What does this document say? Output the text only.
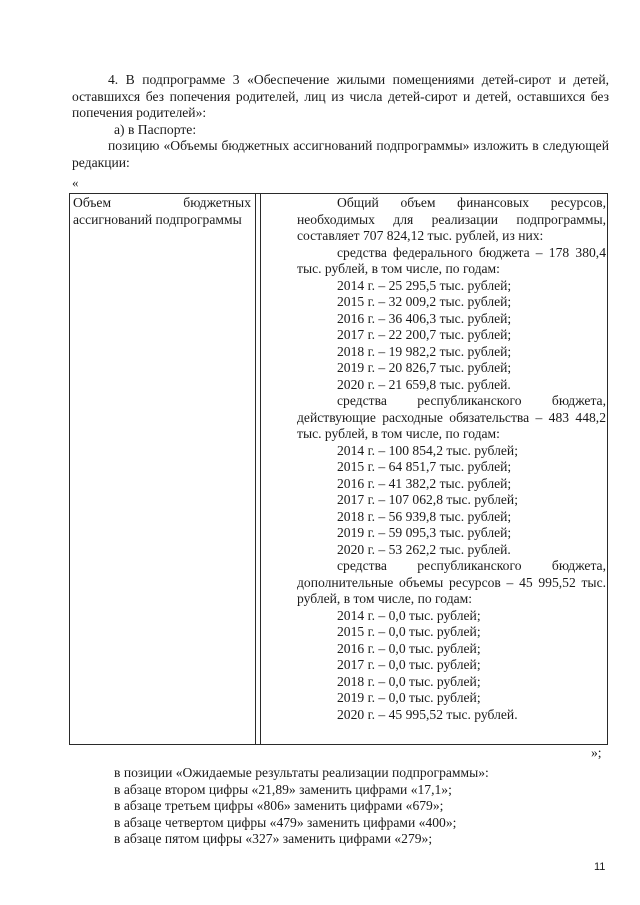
4. В подпрограмме 3 «Обеспечение жилыми помещениями детей-сирот и детей, оставшихся без попечения родителей, лиц из числа детей-сирот и детей, оставшихся без попечения родителей»:

а) в Паспорте:

позицию «Объемы бюджетных ассигнований подпрограммы» изложить в следующей редакции:

«

Объем бюджетных ассигнований подпрограммы

Общий объем финансовых ресурсов, необходимых для реализации подпрограммы, составляет 707 824,12 тыс. рублей, из них:

средства федерального бюджета – 178 380,4 тыс. рублей, в том числе, по годам:

2014 г. – 25 295,5 тыс. рублей;

2015 г. – 32 009,2 тыс. рублей;

2016 г. – 36 406,3 тыс. рублей;

2017 г. – 22 200,7 тыс. рублей;

2018 г. – 19 982,2 тыс. рублей;

2019 г. – 20 826,7 тыс. рублей;

2020 г. – 21 659,8 тыс. рублей.

средства республиканского бюджета, действующие расходные обязательства – 483 448,2 тыс. рублей, в том числе, по годам:

2014 г. – 100 854,2 тыс. рублей;

2015 г. – 64 851,7 тыс. рублей;

2016 г. – 41 382,2 тыс. рублей;

2017 г. – 107 062,8 тыс. рублей;

2018 г. – 56 939,8 тыс. рублей;

2019 г. – 59 095,3 тыс. рублей;

2020 г. – 53 262,2 тыс. рублей.

средства республиканского бюджета, дополнительные объемы ресурсов – 45 995,52 тыс. рублей, в том числе, по годам:

2014 г. – 0,0 тыс. рублей;

2015 г. – 0,0 тыс. рублей;

2016 г. – 0,0 тыс. рублей;

2017 г. – 0,0 тыс. рублей;

2018 г. – 0,0 тыс. рублей;

2019 г. – 0,0 тыс. рублей;

2020 г. – 45 995,52 тыс. рублей.

»;

в позиции «Ожидаемые результаты реализации подпрограммы»:

в абзаце втором цифры «21,89» заменить цифрами «17,1»;

в абзаце третьем цифры «806» заменить цифрами «679»;

в абзаце четвертом цифры «479» заменить цифрами «400»;

в абзаце пятом цифры «327» заменить цифрами «279»;

11
